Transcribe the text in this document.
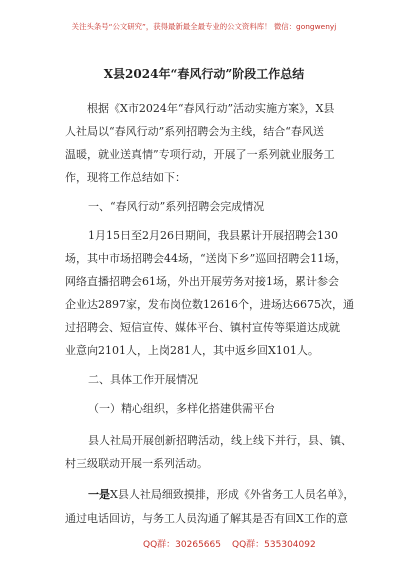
关注头条号“公文研究”，获得最新最全最专业的公文资料库！ 微信：gongwenyj
X县2024年“春风行动”阶段工作总结
根据《X市2024年“春风行动”活动实施方案》，X县
人社局以“春风行动”系列招聘会为主线，结合“春风送
温暖，就业送真情”专项行动，开展了一系列就业服务工
作，现将工作总结如下：
一、“春风行动”系列招聘会完成情况
1月15日至2月26日期间，我县累计开展招聘会130
场，其中市场招聘会44场，“送岗下乡”巡回招聘会11场，
网络直播招聘会61场，外出开展劳务对接1场，累计参会
企业达2897家，发布岗位数12616个，进场达6675次，通
过招聘会、短信宣传、媒体平台、镇村宣传等渠道达成就
业意向2101人，上岗281人，其中返乡回X101人。
二、具体工作开展情况
（一）精心组织，多样化搭建供需平台
县人社局开展创新招聘活动，线上线下并行，县、镇、
村三级联动开展一系列活动。
一是X县人社局细致摸排，形成《外省务工人员名单》，
通过电话回访，与务工人员沟通了解其是否有回X工作的意
QQ群：30265665 QQ群：535304092
